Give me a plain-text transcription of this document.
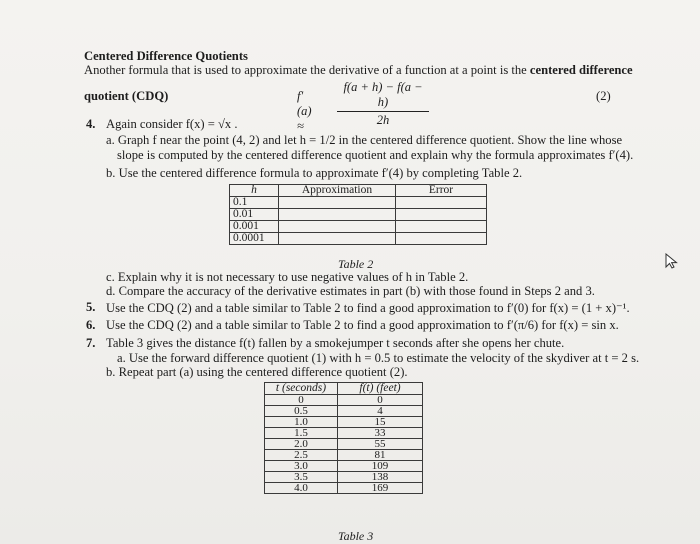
Centered Difference Quotients
Another formula that is used to approximate the derivative of a function at a point is the centered difference
quotient (CDQ)	f′(a) ≈	$\frac{f(a + h) - f(a - h)}{2h}$	(2)
4. Again consider f(x) = √x .
a. Graph f near the point (4, 2) and let h = 1/2 in the centered difference quotient. Show the line whose
slope is computed by the centered difference quotient and explain why the formula approximates f′(4).
b. Use the centered difference formula to approximate f′(4) by completing Table 2.
h	Approximation	Error
0.1		
0.01		
0.001		
0.0001		
Table 2
c. Explain why it is not necessary to use negative values of h in Table 2.
d. Compare the accuracy of the derivative estimates in part (b) with those found in Steps 2 and 3.
5. Use the CDQ (2) and a table similar to Table 2 to find a good approximation to f′(0) for f(x) = (1 + x)⁻¹.
6. Use the CDQ (2) and a table similar to Table 2 to find a good approximation to f′(π/6) for f(x) = sin x.
7. Table 3 gives the distance f(t) fallen by a smokejumper t seconds after she opens her chute.
a. Use the forward difference quotient (1) with h = 0.5 to estimate the velocity of the skydiver at t = 2 s.
b. Repeat part (a) using the centered difference quotient (2).
t (seconds)	f(t) (feet)
0	0
0.5	4
1.0	15
1.5	33
2.0	55
2.5	81
3.0	109
3.5	138
4.0	169
Table 3
